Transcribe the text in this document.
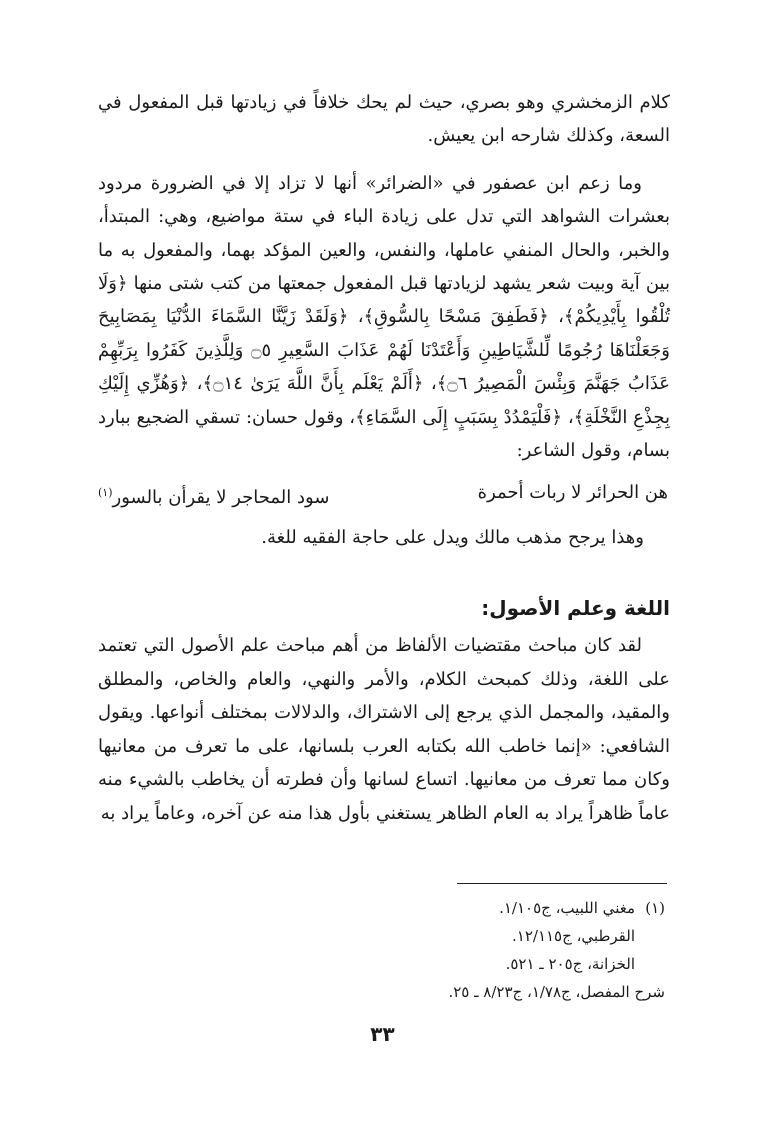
كلام الزمخشري وهو بصري، حيث لم يحك خلافاً في زيادتها قبل المفعول في السعة، وكذلك شارحه ابن يعيش.

وما زعم ابن عصفور في «الضرائر» أنها لا تزاد إلا في الضرورة مردود بعشرات الشواهد التي تدل على زيادة الباء في ستة مواضيع، وهي: المبتدأ، والخبر، والحال المنفي عاملها، والنفس، والعين المؤكد بهما، والمفعول به ما بين آية وبيت شعر يشهد لزيادتها قبل المفعول جمعتها من كتب شتى منها ﴿وَلَا تُلْقُوا بِأَيْدِيكُمْ﴾، ﴿فَطَفِقَ مَسْحًا بِالسُّوقِ﴾، ﴿وَلَقَدْ زَيَّنَّا السَّمَاءَ الدُّنْيَا بِمَصَابِيحَ وَجَعَلْنَاهَا رُجُومًا لِّلشَّيَاطِينِ وَأَعْتَدْنَا لَهُمْ عَذَابَ السَّعِيرِ ۝٥ وَلِلَّذِينَ كَفَرُوا بِرَبِّهِمْ عَذَابُ جَهَنَّمَ وَبِئْسَ الْمَصِيرُ ۝٦﴾، ﴿أَلَمْ يَعْلَم بِأَنَّ اللَّهَ يَرَىٰ ۝١٤﴾، ﴿وَهُزِّي إِلَيْكِ بِجِذْعِ النَّخْلَةِ﴾، ﴿فَلْيَمْدُدْ بِسَبَبٍ إِلَى السَّمَاءِ﴾، وقول حسان: تسقي الضجيع ببارد بسام، وقول الشاعر:

هن الحرائر لا ربات أحمرة
سود المحاجر لا يقرأن بالسور$^{(١)}$

وهذا يرجح مذهب مالك ويدل على حاجة الفقيه للغة.

اللغة وعلم الأصول:

لقد كان مباحث مقتضيات الألفاظ من أهم مباحث علم الأصول التي تعتمد على اللغة، وذلك كمبحث الكلام، والأمر والنهي، والعام والخاص، والمطلق والمقيد، والمجمل الذي يرجع إلى الاشتراك، والدلالات بمختلف أنواعها. ويقول الشافعي: «إنما خاطب الله بكتابه العرب بلسانها، على ما تعرف من معانيها وكان مما تعرف من معانيها. اتساع لسانها وأن فطرته أن يخاطب بالشيء منه عاماً ظاهراً يراد به العام الظاهر يستغني بأول هذا منه عن آخره، وعاماً يراد به

(١)مغني اللبيب، ج١/١٠٥.
القرطبي، ج١٢/١١٥.
الخزانة، ج٢٠٥ ـ ٥٢١.
شرح المفصل، ج١/٧٨، ج٨/٢٣ ـ ٢٥.
٣٣
